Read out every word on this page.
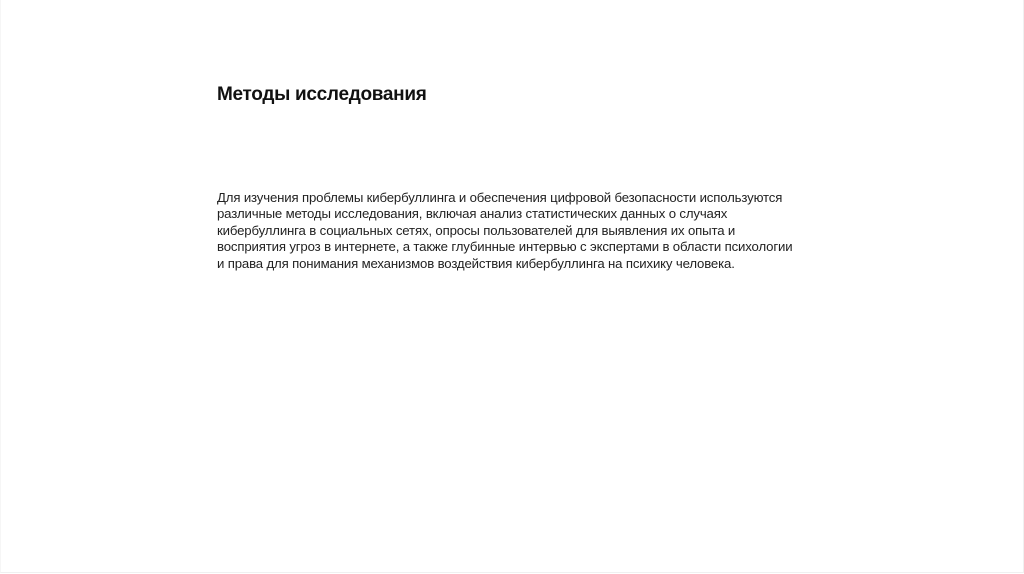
Методы исследования
Для изучения проблемы кибербуллинга и обеспечения цифровой безопасности используются
различные методы исследования, включая анализ статистических данных о случаях
кибербуллинга в социальных сетях, опросы пользователей для выявления их опыта и
восприятия угроз в интернете, а также глубинные интервью с экспертами в области психологии
и права для понимания механизмов воздействия кибербуллинга на психику человека.
